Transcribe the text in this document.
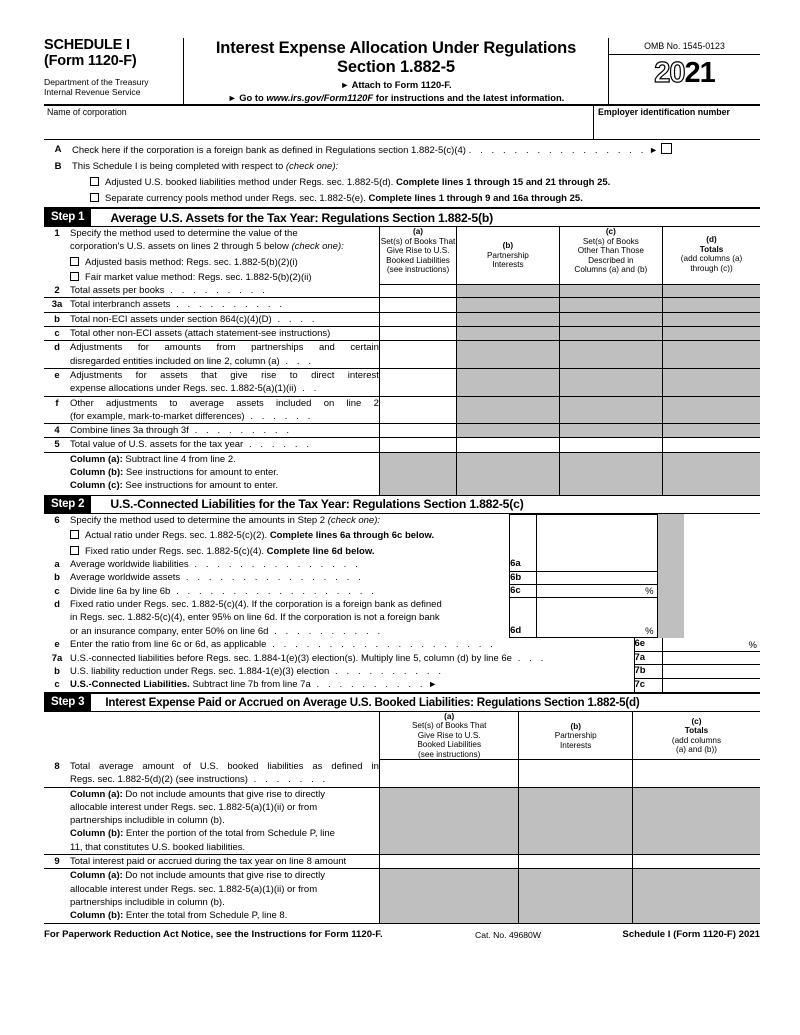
SCHEDULE I
(Form 1120-F)
Department of the Treasury
Internal Revenue Service
Interest Expense Allocation Under Regulations
Section 1.882-5
► Attach to Form 1120-F.
► Go to www.irs.gov/Form1120F for instructions and the latest information.
OMB No. 1545-0123
2021
Name of corporation	Employer identification number
A	Check here if the corporation is a foreign bank as defined in Regulations section 1.882-5(c)(4) . . . . . . . . . . . . . . . . ►
B	This Schedule I is being completed with respect to (check one):
Adjusted U.S. booked liabilities method under Regs. sec. 1.882-5(d). Complete lines 1 through 15 and 21 through 25.
Separate currency pools method under Regs. sec. 1.882-5(e). Complete lines 1 through 9 and 16a through 25.
Step 1	Average U.S. Assets for the Tax Year: Regulations Section 1.882-5(b)
1	Specify the method used to determine the value of the
corporation's U.S. assets on lines 2 through 5 below (check one):
Adjusted basis method: Regs. sec. 1.882-5(b)(2)(i)
Fair market value method: Regs. sec. 1.882-5(b)(2)(ii)
	(a)
Set(s) of Books That
Give Rise to U.S.
Booked Liabilities
(see instructions)

(b)
Partnership
Interests
	(c)
Set(s) of Books
Other Than Those
Described in
Columns (a) and (b)

(d)
Totals
(add columns (a)
through (c))

2 Total assets per books . . . . . . . . .				

3a Total interbranch assets . . . . . . . . . .				

b Total non-ECI assets under section 864(c)(4)(D) . . . .				

c Total other non-ECI assets (attach statement-see instructions)				

d Adjustments for amounts from partnerships and certain
disregarded entities included on line 2, column (a) . . .				

e Adjustments for assets that give rise to direct interest
expense allocations under Regs. sec. 1.882-5(a)(1)(ii) . .				

f Other adjustments to average assets included on line 2
(for example, mark-to-market differences) . . . . . .				

4 Combine lines 3a through 3f . . . . . . . . .				

5 Total value of U.S. assets for the tax year . . . . . .				

Column (a): Subtract line 4 from line 2.
Column (b): See instructions for amount to enter.
Column (c): See instructions for amount to enter.				

Step 2	U.S.-Connected Liabilities for the Tax Year: Regulations Section 1.882-5(c)
6 Specify the method used to determine the amounts in Step 2 (check one):
Actual ratio under Regs. sec. 1.882-5(c)(2). Complete lines 6a through 6c below.
Fixed ratio under Regs. sec. 1.882-5(c)(4). Complete line 6d below.					

a Average worldwide liabilities . . . . . . . . . . . . . . .	6a				

b Average worldwide assets . . . . . . . . . . . . . . . .	6b				

c Divide line 6a by line 6b . . . . . . . . . . . . . . . . . .	6c		%		

d Fixed ratio under Regs. sec. 1.882-5(c)(4). If the corporation is a foreign bank as defined
in Regs. sec. 1.882-5(c)(4), enter 95% on line 6d. If the corporation is not a foreign bank
or an insurance company, enter 50% on line 6d . . . . . . . . . .	6d		%		
e Enter the ratio from line 6c or 6d, as applicable . . . . . . . . . . . . . . . . . . . .	6e	%

7a U.S.-connected liabilities before Regs. sec. 1.884-1(e)(3) election(s). Multiply line 5, column (d) by line 6e . . .	7a	

b U.S. liability reduction under Regs. sec. 1.884-1(e)(3) election . . . . . . . . . .	7b	

c U.S.-Connected Liabilities. Subtract line 7b from line 7a . . . . . . . . . . ►	7c	
Step 3	Interest Expense Paid or Accrued on Average U.S. Booked Liabilities: Regulations Section 1.882-5(d)
	(a)
Set(s) of Books That
Give Rise to U.S.
Booked Liabilities
(see instructions)

(b)
Partnership
Interests

(c)
Totals
(add columns
(a) and (b))

8 Total average amount of U.S. booked liabilities as defined in
Regs. sec. 1.882-5(d)(2) (see instructions) . . . . . . .			

Column (a): Do not include amounts that give rise to directly
allocable interest under Regs. sec. 1.882-5(a)(1)(ii) or from
partnerships includible in column (b).
Column (b): Enter the portion of the total from Schedule P, line
11, that constitutes U.S. booked liabilities.			

9 Total interest paid or accrued during the tax year on line 8 amount			

Column (a): Do not include amounts that give rise to directly
allocable interest under Regs. sec. 1.882-5(a)(1)(ii) or from
partnerships includible in column (b).
Column (b): Enter the total from Schedule P, line 8.			

For Paperwork Reduction Act Notice, see the Instructions for Form 1120-F.	Cat. No. 49680W	Schedule I (Form 1120-F) 2021
